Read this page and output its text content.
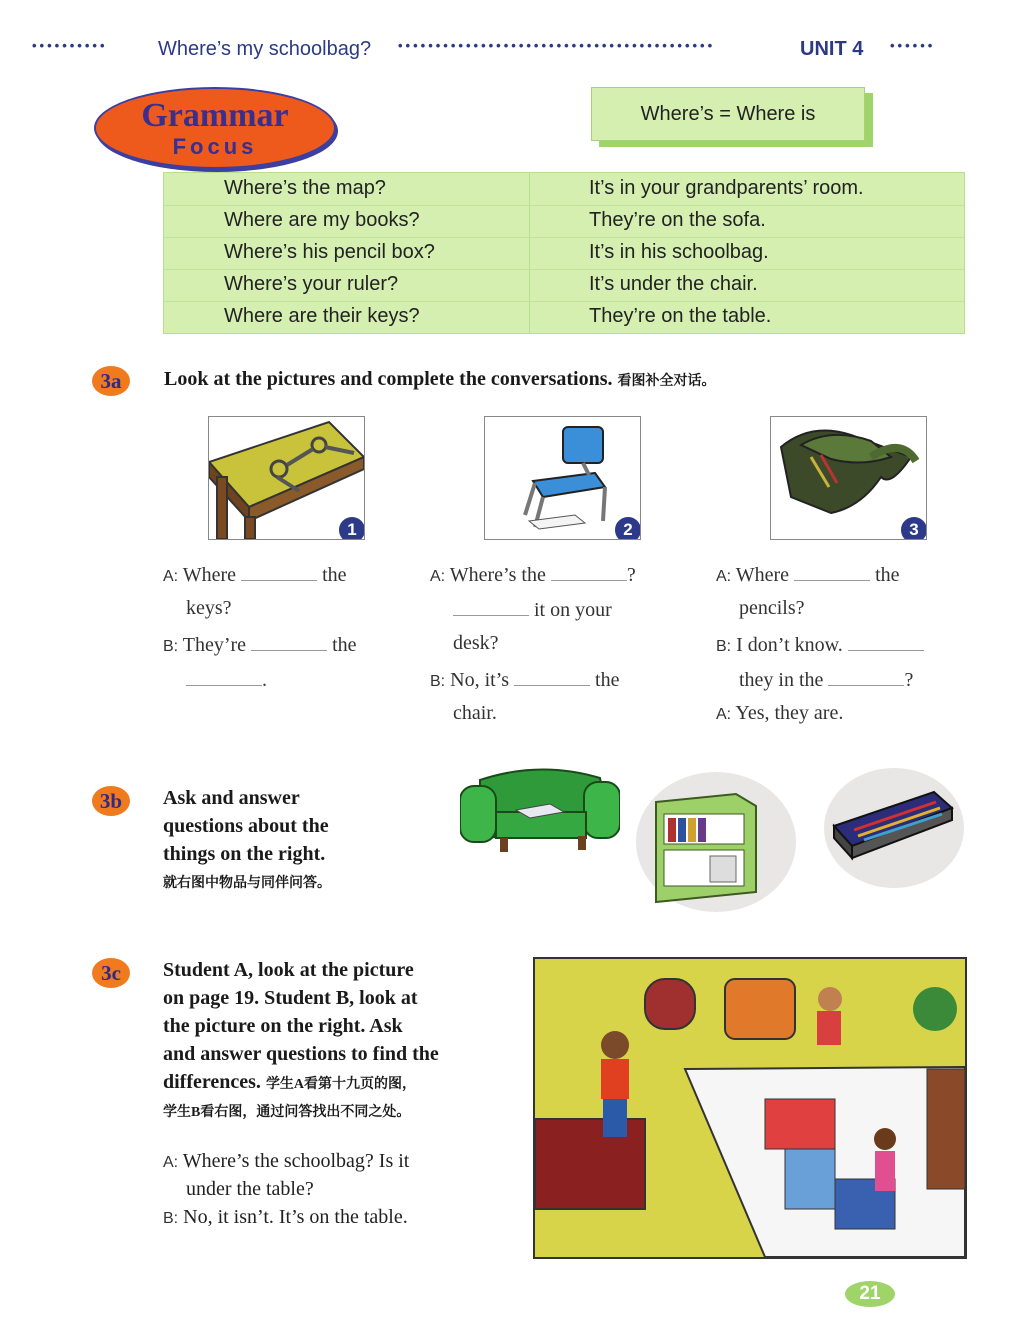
••••••••••	Where’s my schoolbag? ••••••••••••••••••••••••••••••••••••••••••	UNIT 4 ••••••
Grammar
Focus
Where’s = Where is
Where’s the map?	It’s in your grandparents’ room.
Where are my books?	They’re on the sofa.
Where’s his pencil box?	It’s in his schoolbag.
Where’s your ruler?	It’s under the chair.
Where are their keys?	They’re on the table.
3a	Look at the pictures and complete the conversations. 看图补全对话。
1	2	3
A: Where	the
keys?
B: They’re	the
.
A: Where’s the	?
it on your
desk?
B: No, it’s	the
chair.
A: Where	the
pencils?
B: I don’t know.
they in the	?
A: Yes, they are.
3b	Ask and answer
questions about the
things on the right.
就右图中物品与同伴问答。
3c	Student A, look at the picture
on page 19. Student B, look at
the picture on the right. Ask
and answer questions to find the
differences. 学生A看第十九页的图，
学生B看右图，通过问答找出不同之处。
A: Where’s the schoolbag? Is it
under the table?
B: No, it isn’t. It’s on the table.
21
